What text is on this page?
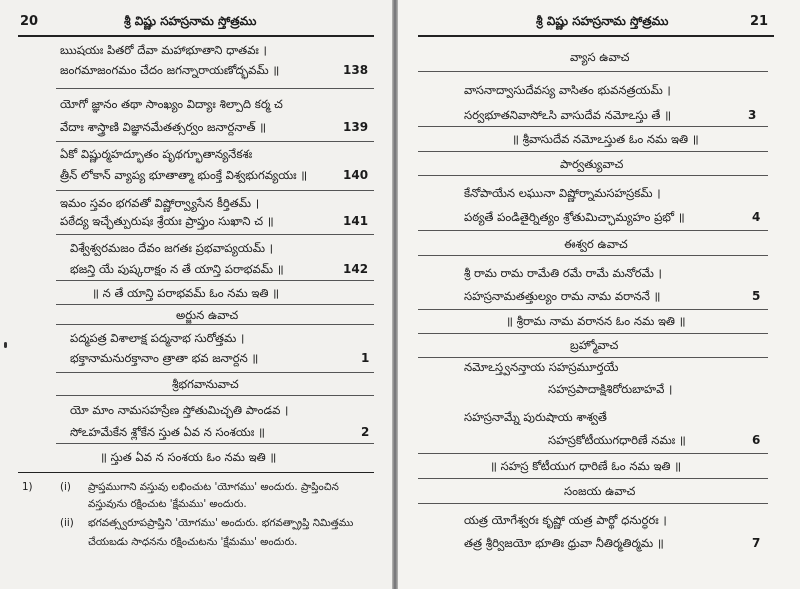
20	శ్రీ విష్ణు సహస్రనామ స్తోత్రము
ఋషయః పితరో దేవా మహాభూతాని ధాతవః ।
జంగమాజంగమం చేదం జగన్నారాయణోద్భవమ్ ॥	138
యోగో జ్ఞానం తథా సాంఖ్యం విద్యాః శిల్పాది కర్మ చ
వేదాః శాస్త్రాణి విజ్ఞానమేతత్సర్వం జనార్దనాత్ ॥	139
ఏకో విష్ణుర్మహద్భూతం పృథగ్భూతాన్యనేకశః
త్రీన్ లోకాన్ వ్యాప్య భూతాత్మా భుంక్తే విశ్వభుగవ్యయః ॥	140
ఇమం స్తవం భగవతో విష్ణోర్వ్యాసేన కీర్తితమ్ ।
పఠేద్య ఇచ్ఛేత్పురుషః శ్రేయః ప్రాప్తుం సుఖాని చ ॥	141
విశ్వేశ్వరమజం దేవం జగతః ప్రభవాప్యయమ్ ।
భజన్తి యే పుష్కరాక్షం న తే యాన్తి పరాభవమ్ ॥	142
॥ న తే యాన్తి పరాభవమ్ ఓం నమ ఇతి ॥
అర్జున ఉవాచ
పద్మపత్ర విశాలాక్ష పద్మనాభ సురోత్తమ ।
భక్తానామనురక్తానాం త్రాతా భవ జనార్దన ॥	1
శ్రీభగవానువాచ
యో మాం నామసహస్రేణ స్తోతుమిచ్ఛతి పాండవ ।
సోఽహమేకేన శ్లోకేన స్తుత ఏవ న సంశయః ॥	2
॥ స్తుత ఏవ న సంశయ ఓం నమ ఇతి ॥
1)	(i) ప్రాప్తముగాని వస్తువు లభించుట 'యోగము' అందురు. ప్రాప్తించిన
వస్తువును రక్షించుట 'క్షేమము' అందురు.
(ii) భగవత్స్వరూపప్రాప్తిని 'యోగము' అందురు. భగవత్ప్రాప్తి నిమిత్తము
చేయబడు సాధనను రక్షించుటను 'క్షేమము' అందురు.
శ్రీ విష్ణు సహస్రనామ స్తోత్రము	21
వ్యాస ఉవాచ
వాసనాద్వాసుదేవస్య వాసితం భువనత్రయమ్ ।
సర్వభూతనివాసోఽసి వాసుదేవ నమోఽస్తు తే ॥	3
॥ శ్రీవాసుదేవ నమోఽస్తుత ఓం నమ ఇతి ॥
పార్వత్యువాచ
కేనోపాయేన లఘునా విష్ణోర్నామసహస్రకమ్ ।
పఠ్యతే పండితైర్నిత్యం శ్రోతుమిచ్ఛామ్యహం ప్రభో ॥	4
ఈశ్వర ఉవాచ
శ్రీ రామ రామ రామేతి రమే రామే మనోరమే ।
సహస్రనామతత్తుల్యం రామ నామ వరాననే ॥	5
॥ శ్రీరామ నామ వరానన ఓం నమ ఇతి ॥
బ్రహ్మోవాచ
నమోఽస్త్వనన్తాయ సహస్రమూర్తయే
సహస్రపాదాక్షిశిరోరుబాహవే ।
సహస్రనామ్నే పురుషాయ శాశ్వతే
సహస్రకోటీయుగధారిణే నమః ॥	6
॥ సహస్ర కోటీయుగ ధారిణే ఓం నమ ఇతి ॥
సంజయ ఉవాచ
యత్ర యోగేశ్వరః కృష్ణో యత్ర పార్థో ధనుర్ధరః ।
తత్ర శ్రీర్విజయో భూతిః ధ్రువా నీతిర్మతిర్మమ ॥	7
